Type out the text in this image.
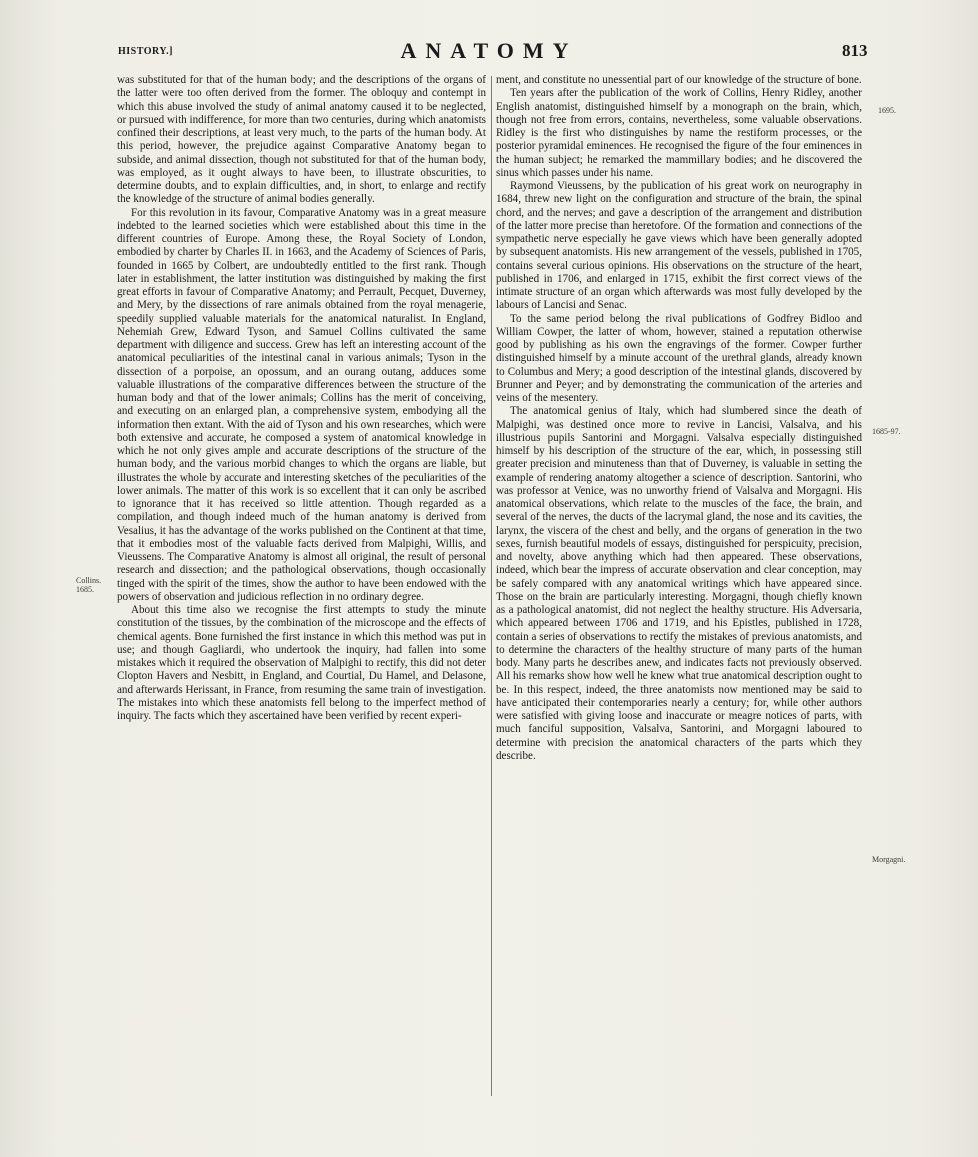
HISTORY.]	ANATOMY	813

was substituted for that of the human body; and the descriptions of the organs of the latter were too often derived from the former. The obloquy and contempt in which this abuse involved the study of animal anatomy caused it to be neglected, or pursued with indifference, for more than two centuries, during which anatomists confined their descriptions, at least very much, to the parts of the human body. At this period, however, the prejudice against Comparative Anatomy began to subside, and animal dissection, though not substituted for that of the human body, was employed, as it ought always to have been, to illustrate obscurities, to determine doubts, and to explain difficulties, and, in short, to enlarge and rectify the knowledge of the structure of animal bodies generally.

For this revolution in its favour, Comparative Anatomy was in a great measure indebted to the learned societies which were established about this time in the different countries of Europe. Among these, the Royal Society of London, embodied by charter by Charles II. in 1663, and the Academy of Sciences of Paris, founded in 1665 by Colbert, are undoubtedly entitled to the first rank. Though later in establishment, the latter institution was distinguished by making the first great efforts in favour of Comparative Anatomy; and Perrault, Pecquet, Duverney, and Mery, by the dissections of rare animals obtained from the royal menagerie, speedily supplied valuable materials for the anatomical naturalist. In England, Nehemiah Grew, Edward Tyson, and Samuel Collins cultivated the same department with diligence and success. Grew has left an interesting account of the anatomical peculiarities of the intestinal canal in various animals; Tyson in the dissection of a porpoise, an opossum, and an ourang outang, adduces some valuable illustrations of the comparative differences between the structure of the human body and that of the lower animals; Collins has the merit of conceiving, and executing on an enlarged plan, a comprehensive system, embodying all the information then extant. With the aid of Tyson and his own researches, which were both extensive and accurate, he composed a system of anatomical knowledge in which he not only gives ample and accurate descriptions of the structure of the human body, and the various morbid changes to which the organs are liable, but illustrates the whole by accurate and interesting sketches of the peculiarities of the lower animals. The matter of this work is so excellent that it can only be ascribed to ignorance that it has received so little attention. Though regarded as a compilation, and though indeed much of the human anatomy is derived from Vesalius, it has the advantage of the works published on the Continent at that time, that it embodies most of the valuable facts derived from Malpighi, Willis, and Vieussens. The Comparative Anatomy is almost all original, the result of personal research and dissection; and the pathological observations, though occasionally tinged with the spirit of the times, show the author to have been endowed with the powers of observation and judicious reflection in no ordinary degree.

About this time also we recognise the first attempts to study the minute constitution of the tissues, by the combination of the microscope and the effects of chemical agents. Bone furnished the first instance in which this method was put in use; and though Gagliardi, who undertook the inquiry, had fallen into some mistakes which it required the observation of Malpighi to rectify, this did not deter Clopton Havers and Nesbitt, in England, and Courtial, Du Hamel, and Delasone, and afterwards Herissant, in France, from resuming the same train of investigation. The mistakes into which these anatomists fell belong to the imperfect method of inquiry. The facts which they ascertained have been verified by recent experi-

ment, and constitute no unessential part of our knowledge of the structure of bone.

Ten years after the publication of the work of Collins, Henry Ridley, another English anatomist, distinguished himself by a monograph on the brain, which, though not free from errors, contains, nevertheless, some valuable observations. Ridley is the first who distinguishes by name the restiform processes, or the posterior pyramidal eminences. He recognised the figure of the four eminences in the human subject; he remarked the mammillary bodies; and he discovered the sinus which passes under his name.

Raymond Vieussens, by the publication of his great work on neurography in 1684, threw new light on the configuration and structure of the brain, the spinal chord, and the nerves; and gave a description of the arrangement and distribution of the latter more precise than heretofore. Of the formation and connections of the sympathetic nerve especially he gave views which have been generally adopted by subsequent anatomists. His new arrangement of the vessels, published in 1705, contains several curious opinions. His observations on the structure of the heart, published in 1706, and enlarged in 1715, exhibit the first correct views of the intimate structure of an organ which afterwards was most fully developed by the labours of Lancisi and Senac.

To the same period belong the rival publications of Godfrey Bidloo and William Cowper, the latter of whom, however, stained a reputation otherwise good by publishing as his own the engravings of the former. Cowper further distinguished himself by a minute account of the urethral glands, already known to Columbus and Mery; a good description of the intestinal glands, discovered by Brunner and Peyer; and by demonstrating the communication of the arteries and veins of the mesentery.

The anatomical genius of Italy, which had slumbered since the death of Malpighi, was destined once more to revive in Lancisi, Valsalva, and his illustrious pupils Santorini and Morgagni. Valsalva especially distinguished himself by his description of the structure of the ear, which, in possessing still greater precision and minuteness than that of Duverney, is valuable in setting the example of rendering anatomy altogether a science of description. Santorini, who was professor at Venice, was no unworthy friend of Valsalva and Morgagni. His anatomical observations, which relate to the muscles of the face, the brain, and several of the nerves, the ducts of the lacrymal gland, the nose and its cavities, the larynx, the viscera of the chest and belly, and the organs of generation in the two sexes, furnish beautiful models of essays, distinguished for perspicuity, precision, and novelty, above anything which had then appeared. These observations, indeed, which bear the impress of accurate observation and clear conception, may be safely compared with any anatomical writings which have appeared since. Those on the brain are particularly interesting. Morgagni, though chiefly known as a pathological anatomist, did not neglect the healthy structure. His Adversaria, which appeared between 1706 and 1719, and his Epistles, published in 1728, contain a series of observations to rectify the mistakes of previous anatomists, and to determine the characters of the healthy structure of many parts of the human body. Many parts he describes anew, and indicates facts not previously observed. All his remarks show how well he knew what true anatomical description ought to be. In this respect, indeed, the three anatomists now mentioned may be said to have anticipated their contemporaries nearly a century; for, while other authors were satisfied with giving loose and inaccurate or meagre notices of parts, with much fanciful supposition, Valsalva, Santorini, and Morgagni laboured to determine with precision the anatomical characters of the parts which they describe.

Collins.
1685.
1695.
1685-97.
Morgagni.
